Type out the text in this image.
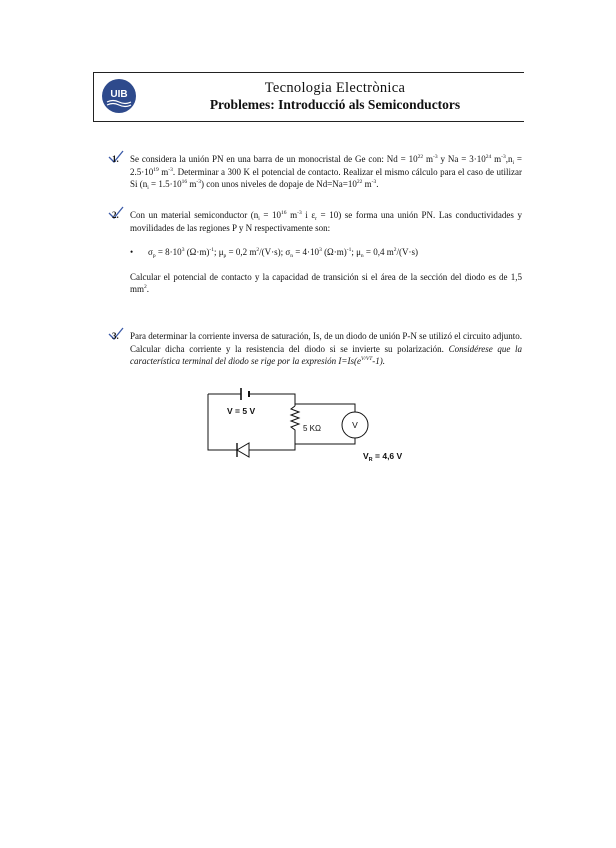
UIB	Tecnologia Electrònica
Problemes: Introducció als Semiconductors
1.	Se considera la unión PN en una barra de un monocristal de Ge con: $Nd = 10^{22}$ $m^{-3}$ y $Na = 3\cdot 10^{24}$ $m^{-3},n_i = 2.5\cdot 10^{19}$ $m^{-3}$. Determinar a 300 K el potencial de contacto. Realizar el mismo cálculo para el caso de utilizar Si ($n_i = 1.5\cdot 10^{16}$ $m^{-3}$) con unos niveles de dopaje de $Nd=Na=10^{22}$ $m^{-3}$.
2.	Con un material semiconductor ($n_i = 10^{16}$ $m^{-3}$ i $\varepsilon_r = 10$) se forma una unión PN. Las conductividades y movilidades de las regiones P y N respectivamente son:
• $\sigma_p = 8\cdot 10^3$ $(\Omega\cdot m)^{-1}$; $\mu_p = 0,2$ $m^2/(V\cdot s)$; $\sigma_n = 4\cdot 10^3$ $(\Omega\cdot m)^{-1}$; $\mu_n = 0,4$ $m^2/(V\cdot s)$
Calcular el potencial de contacto y la capacidad de transición si el área de la sección del diodo es de 1,5 $mm^2$.
3.	Para determinar la corriente inversa de saturación, Is, de un diodo de unión P-N se utilizó el circuito adjunto. Calcular dicha corriente y la resistencia del diodo si se invierte su polarización. Considérese que la característica terminal del diodo se rige por la expresión $I=Is(e^{V/VT}-1)$.
V = 5 V
5 KΩ	V
$V_R = 4,6$ V
